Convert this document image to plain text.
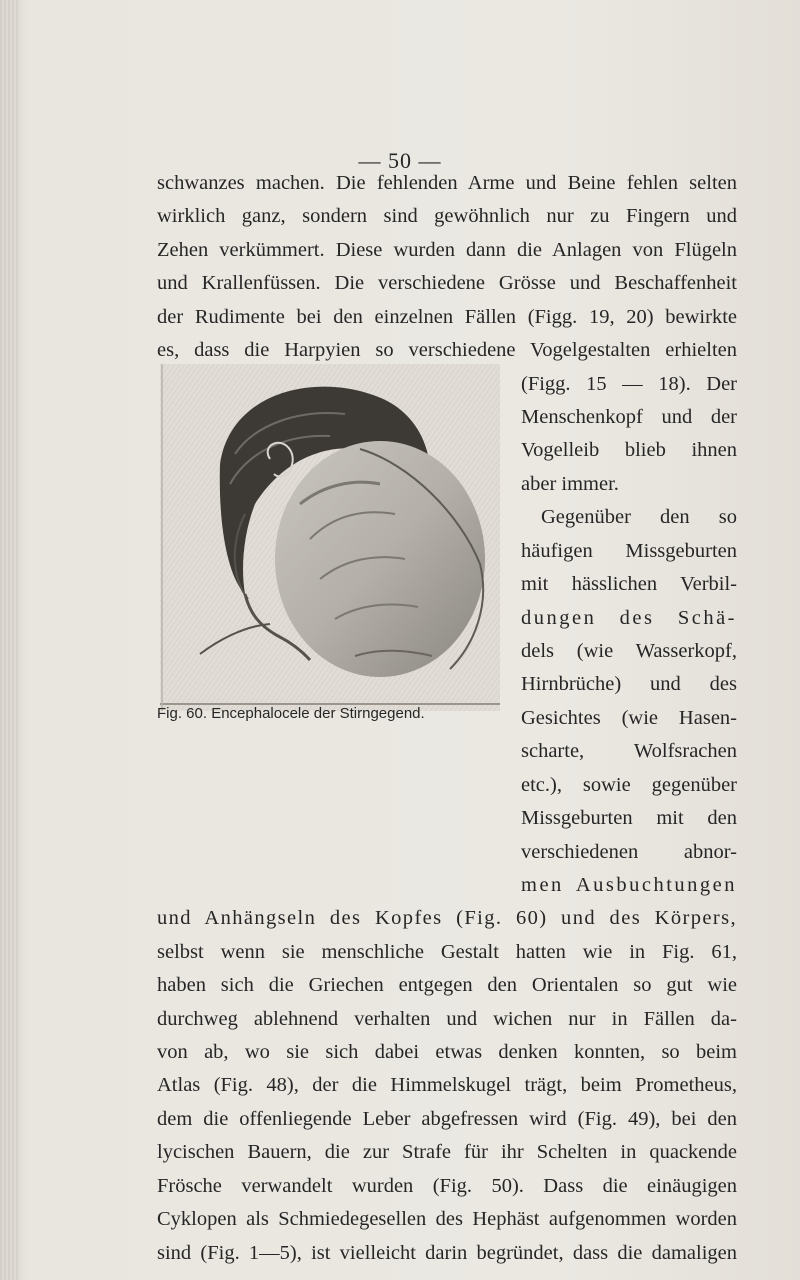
— 50 —
schwanzes machen. Die fehlenden Arme und Beine fehlen selten
wirklich ganz, sondern sind gewöhnlich nur zu Fingern und
Zehen verkümmert. Diese wurden dann die Anlagen von Flügeln
und Krallenfüssen. Die verschiedene Grösse und Beschaffenheit
der Rudimente bei den einzelnen Fällen (Figg. 19, 20) bewirkte
es, dass die Harpyien so verschiedene Vogelgestalten erhielten
(Figg. 15 — 18). Der
Menschenkopf und der
Vogelleib blieb ihnen
aber immer.
Gegenüber den so
häufigen Missgeburten
mit hässlichen Verbil-
dungen des Schä-
dels (wie Wasserkopf,
Hirnbrüche) und des
Gesichtes (wie Hasen-
scharte, Wolfsrachen
etc.), sowie gegenüber
Missgeburten mit den
verschiedenen abnor-
men Ausbuchtungen
Fig. 60. Encephalocele der Stirngegend.
und Anhängseln des Kopfes (Fig. 60) und des Körpers,
selbst wenn sie menschliche Gestalt hatten wie in Fig. 61,
haben sich die Griechen entgegen den Orientalen so gut wie
durchweg ablehnend verhalten und wichen nur in Fällen da-
von ab, wo sie sich dabei etwas denken konnten, so beim
Atlas (Fig. 48), der die Himmelskugel trägt, beim Prometheus,
dem die offenliegende Leber abgefressen wird (Fig. 49), bei den
lycischen Bauern, die zur Strafe für ihr Schelten in quackende
Frösche verwandelt wurden (Fig. 50). Dass die einäugigen
Cyklopen als Schmiedegesellen des Hephäst aufgenommen worden
sind (Fig. 1—5), ist vielleicht darin begründet, dass die damaligen
